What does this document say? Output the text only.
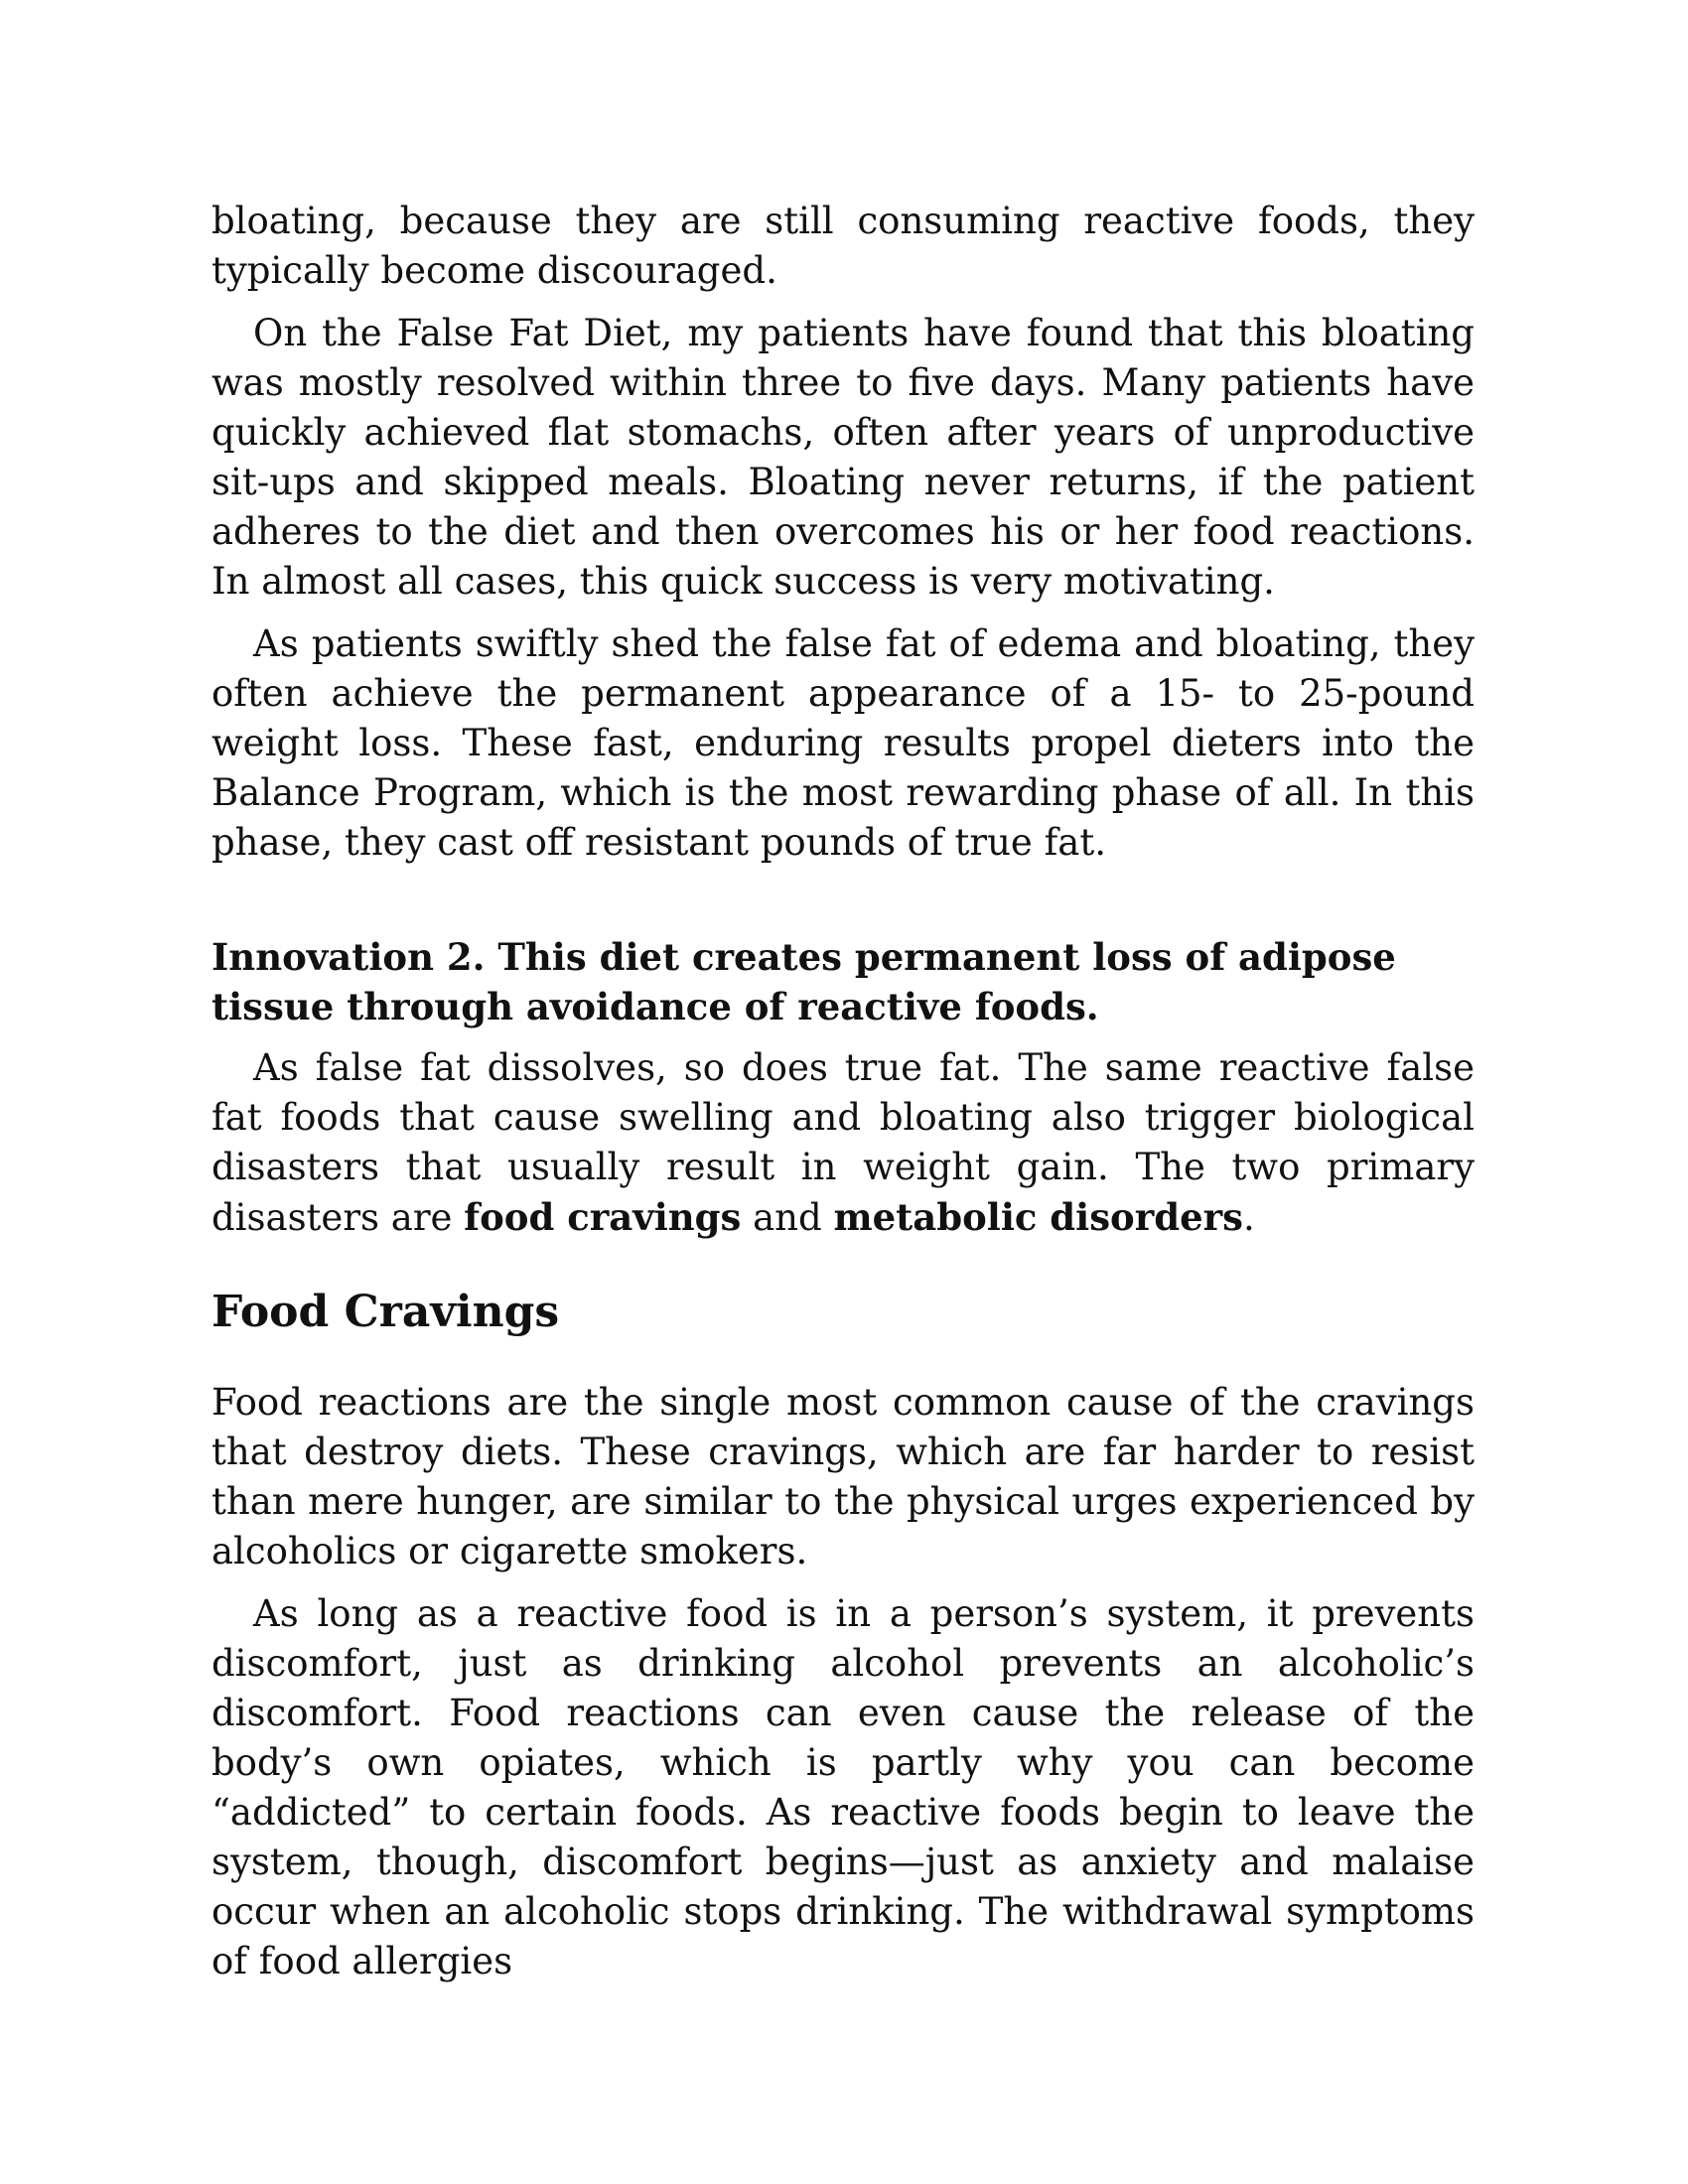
bloating, because they are still consuming reactive foods, they typically become discouraged.

On the False Fat Diet, my patients have found that this bloating was mostly resolved within three to five days. Many patients have quickly achieved flat stomachs, often after years of unproductive sit-ups and skipped meals. Bloating never returns, if the patient adheres to the diet and then overcomes his or her food reactions. In almost all cases, this quick success is very motivating.

As patients swiftly shed the false fat of edema and bloating, they often achieve the permanent appearance of a 15- to 25-pound weight loss. These fast, enduring results propel dieters into the Balance Program, which is the most rewarding phase of all. In this phase, they cast off resistant pounds of true fat.

Innovation 2. This diet creates permanent loss of adipose tissue through avoidance of reactive foods.

As false fat dissolves, so does true fat. The same reactive false fat foods that cause swelling and bloating also trigger biological disasters that usually result in weight gain. The two primary disasters are food cravings and metabolic disorders.

Food Cravings

Food reactions are the single most common cause of the cravings that destroy diets. These cravings, which are far harder to resist than mere hunger, are similar to the physical urges experienced by alcoholics or cigarette smokers.

As long as a reactive food is in a person’s system, it prevents discomfort, just as drinking alcohol prevents an alcoholic’s discomfort. Food reactions can even cause the release of the body’s own opiates, which is partly why you can become “addicted” to certain foods. As reactive foods begin to leave the system, though, discomfort begins—just as anxiety and malaise occur when an alcoholic stops drinking. The withdrawal symptoms of food allergies
